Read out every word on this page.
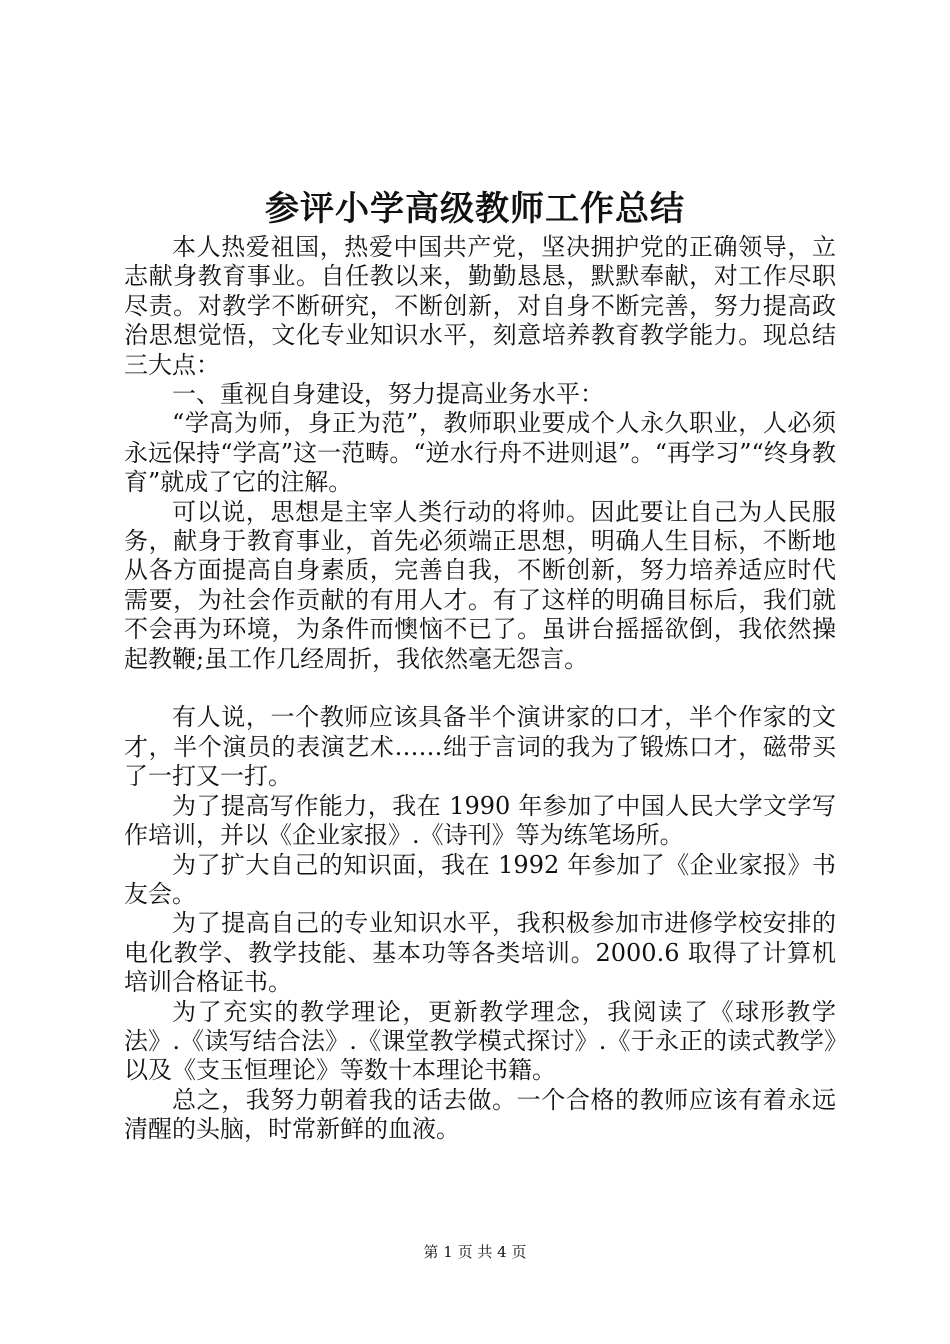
参评小学高级教师工作总结

本人热爱祖国，热爱中国共产党，坚决拥护党的正确领导，立志献身教育事业。自任教以来，勤勤恳恳，默默奉献，对工作尽职尽责。对教学不断研究，不断创新，对自身不断完善，努力提高政治思想觉悟，文化专业知识水平，刻意培养教育教学能力。现总结三大点：

一、重视自身建设，努力提高业务水平：

“学高为师，身正为范”，教师职业要成个人永久职业，人必须永远保持“学高”这一范畴。“逆水行舟不进则退”。“再学习”“终身教育”就成了它的注解。

可以说，思想是主宰人类行动的将帅。因此要让自己为人民服务，献身于教育事业，首先必须端正思想，明确人生目标，不断地从各方面提高自身素质，完善自我，不断创新，努力培养适应时代需要，为社会作贡献的有用人才。有了这样的明确目标后，我们就不会再为环境，为条件而懊恼不已了。虽讲台摇摇欲倒，我依然操起教鞭;虽工作几经周折，我依然毫无怨言。

有人说，一个教师应该具备半个演讲家的口才，半个作家的文才，半个演员的表演艺术……绌于言词的我为了锻炼口才，磁带买了一打又一打。

为了提高写作能力，我在 1990 年参加了中国人民大学文学写作培训，并以《企业家报》.《诗刊》等为练笔场所。

为了扩大自己的知识面，我在 1992 年参加了《企业家报》书友会。

为了提高自己的专业知识水平，我积极参加市进修学校安排的电化教学、教学技能、基本功等各类培训。2000.6 取得了计算机培训合格证书。

为了充实的教学理论，更新教学理念，我阅读了《球形教学法》.《读写结合法》.《课堂教学模式探讨》.《于永正的读式教学》以及《支玉恒理论》等数十本理论书籍。

总之，我努力朝着我的话去做。一个合格的教师应该有着永远清醒的头脑，时常新鲜的血液。

第 1 页 共 4 页
